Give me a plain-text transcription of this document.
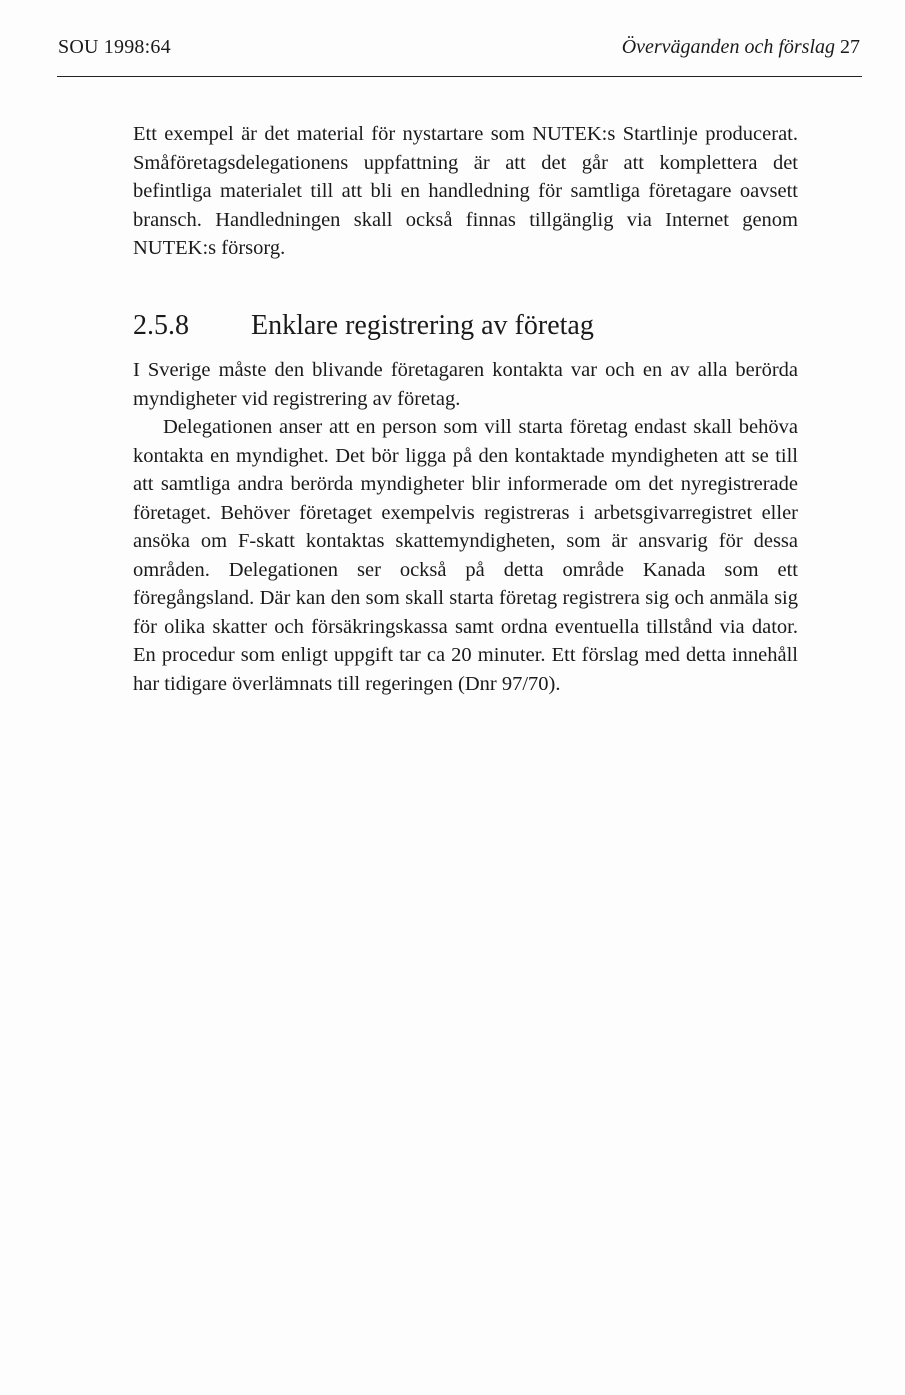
SOU 1998:64	Överväganden och förslag 27

Ett exempel är det material för nystartare som NUTEK:s Startlinje producerat. Småföretagsdelegationens uppfattning är att det går att komplettera det befintliga materialet till att bli en handledning för samtliga företagare oavsett bransch. Handledningen skall också finnas tillgänglig via Internet genom NUTEK:s försorg.

2.5.8 Enklare registrering av företag

I Sverige måste den blivande företagaren kontakta var och en av alla berörda myndigheter vid registrering av företag.

Delegationen anser att en person som vill starta företag endast skall behöva kontakta en myndighet. Det bör ligga på den kontaktade myndigheten att se till att samtliga andra berörda myndigheter blir informerade om det nyregistrerade företaget. Behöver företaget exempelvis registreras i arbetsgivarregistret eller ansöka om F-skatt kontaktas skattemyndigheten, som är ansvarig för dessa områden. Delegationen ser också på detta område Kanada som ett föregångsland. Där kan den som skall starta företag registrera sig och anmäla sig för olika skatter och försäkringskassa samt ordna eventuella tillstånd via dator. En procedur som enligt uppgift tar ca 20 minuter. Ett förslag med detta innehåll har tidigare överlämnats till regeringen (Dnr 97/70).
